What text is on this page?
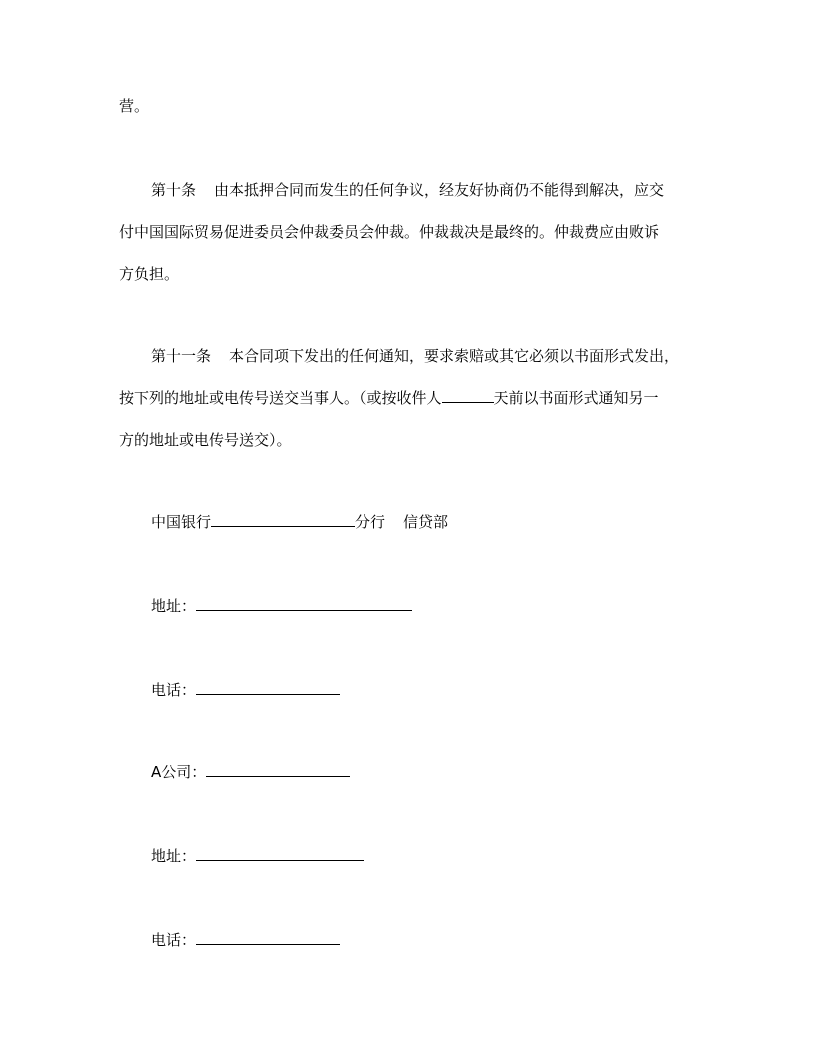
营。
第十条 由本抵押合同而发生的任何争议，经友好协商仍不能得到解决，应交
付中国国际贸易促进委员会仲裁委员会仲裁。仲裁裁决是最终的。仲裁费应由败诉
方负担。
第十一条 本合同项下发出的任何通知，要求索赔或其它必须以书面形式发出，
按下列的地址或电传号送交当事人。（或按收件人	天前以书面形式通知另一
方的地址或电传号送交）。
中国银行	分行 信贷部
地址：
电话：
A公司：
地址：
电话：
